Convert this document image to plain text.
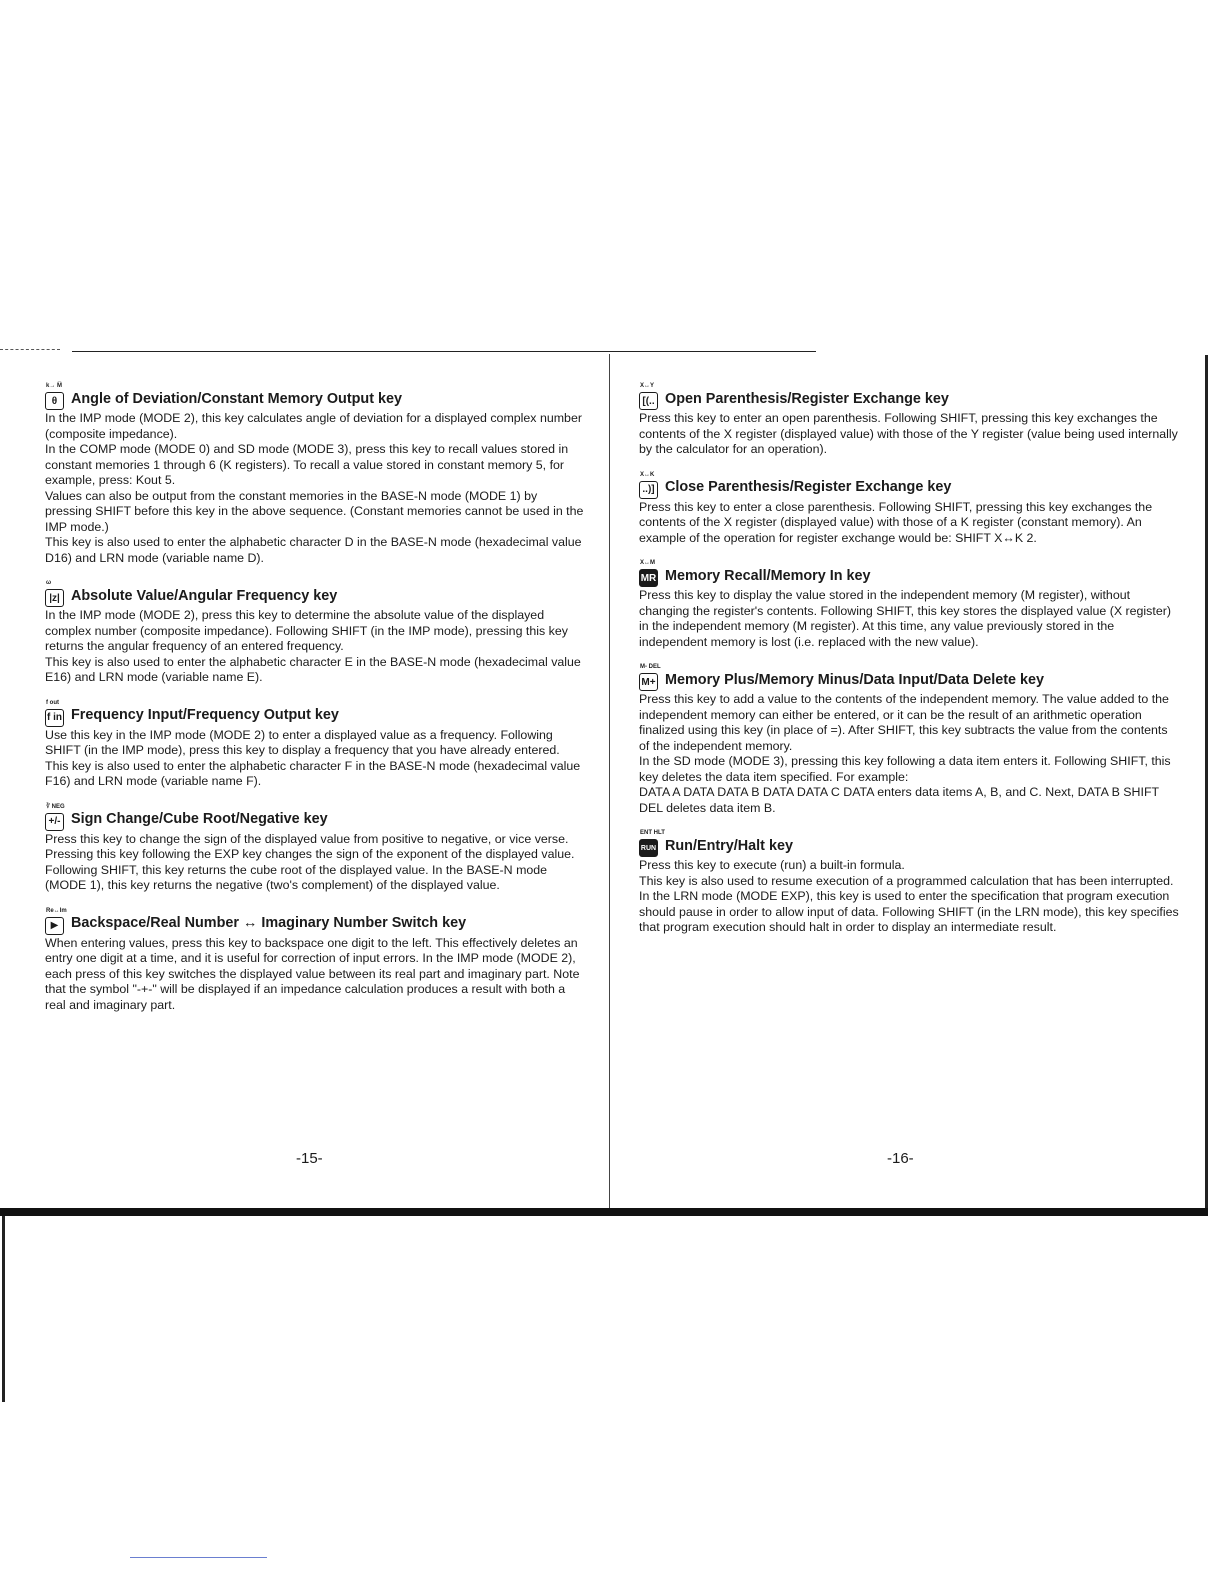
k→ M̅
θ Angle of Deviation/Constant Memory Output key

In the IMP mode (MODE 2), this key calculates angle of deviation for a displayed complex number (composite impedance).

In the COMP mode (MODE 0) and SD mode (MODE 3), press this key to recall values stored in constant memories 1 through 6 (K registers). To recall a value stored in constant memory 5, for example, press: Kout 5.

Values can also be output from the constant memories in the BASE-N mode (MODE 1) by pressing SHIFT before this key in the above sequence. (Constant memories cannot be used in the IMP mode.)

This key is also used to enter the alphabetic character D in the BASE-N mode (hexadecimal value D16) and LRN mode (variable name D).

ω
|z| Absolute Value/Angular Frequency key

In the IMP mode (MODE 2), press this key to determine the absolute value of the displayed complex number (composite impedance). Following SHIFT (in the IMP mode), pressing this key returns the angular frequency of an entered frequency.

This key is also used to enter the alphabetic character E in the BASE-N mode (hexadecimal value E16) and LRN mode (variable name E).

f out
f in Frequency Input/Frequency Output key

Use this key in the IMP mode (MODE 2) to enter a displayed value as a frequency. Following SHIFT (in the IMP mode), press this key to display a frequency that you have already entered.

This key is also used to enter the alphabetic character F in the BASE-N mode (hexadecimal value F16) and LRN mode (variable name F).

∛ NEG
+/- Sign Change/Cube Root/Negative key

Press this key to change the sign of the displayed value from positive to negative, or vice verse.

Pressing this key following the EXP key changes the sign of the exponent of the displayed value. Following SHIFT, this key returns the cube root of the displayed value. In the BASE-N mode (MODE 1), this key returns the negative (two's complement) of the displayed value.

Re↔Im
▶ Backspace/Real Number ↔ Imaginary Number Switch key

When entering values, press this key to backspace one digit to the left. This effectively deletes an entry one digit at a time, and it is useful for correction of input errors. In the IMP mode (MODE 2), each press of this key switches the displayed value between its real part and imaginary part. Note that the symbol "-+-" will be displayed if an impedance calculation produces a result with both a real and imaginary part.

-15-
X↔Y
[(.. Open Parenthesis/Register Exchange key

Press this key to enter an open parenthesis. Following SHIFT, pressing this key exchanges the contents of the X register (displayed value) with those of the Y register (value being used internally by the calculator for an operation).

X↔K
..)] Close Parenthesis/Register Exchange key

Press this key to enter a close parenthesis. Following SHIFT, pressing this key exchanges the contents of the X register (displayed value) with those of a K register (constant memory). An example of the operation for register exchange would be: SHIFT X↔K 2.

X↔M
MR Memory Recall/Memory In key

Press this key to display the value stored in the independent memory (M register), without changing the register's contents. Following SHIFT, this key stores the displayed value (X register) in the independent memory (M register). At this time, any value previously stored in the independent memory is lost (i.e. replaced with the new value).

M- DEL
M+ Memory Plus/Memory Minus/Data Input/Data Delete key

Press this key to add a value to the contents of the independent memory. The value added to the independent memory can either be entered, or it can be the result of an arithmetic operation finalized using this key (in place of =). After SHIFT, this key subtracts the value from the contents of the independent memory.

In the SD mode (MODE 3), pressing this key following a data item enters it. Following SHIFT, this key deletes the data item specified. For example:

DATA A DATA DATA B DATA DATA C DATA enters data items A, B, and C. Next, DATA B SHIFT DEL deletes data item B.

ENT HLT
RUN Run/Entry/Halt key

Press this key to execute (run) a built-in formula.

This key is also used to resume execution of a programmed calculation that has been interrupted.

In the LRN mode (MODE EXP), this key is used to enter the specification that program execution should pause in order to allow input of data. Following SHIFT (in the LRN mode), this key specifies that program execution should halt in order to display an intermediate result.

-16-
